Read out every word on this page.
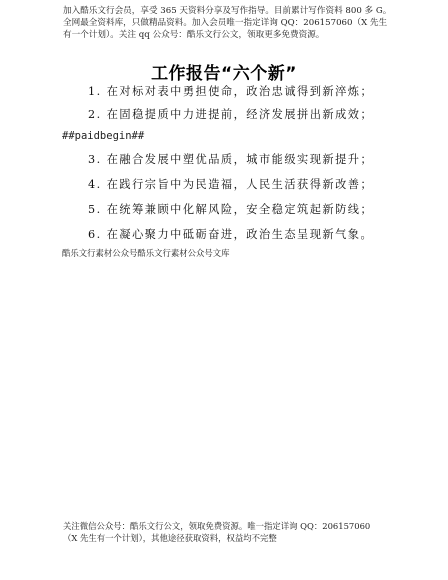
加入酷乐文行会员，享受 365 天资料分享及写作指导。目前累计写作资料 800 多 G。

全网最全资料库，只做精品资料。加入会员唯一指定详询 QQ：206157060（X 先生

有一个计划）。关注 qq 公众号：酷乐文行公文，领取更多免费资源。

工作报告“六个新”
1. 在对标对表中勇担使命，政治忠诚得到新淬炼；
2. 在固稳提质中力进提前，经济发展拼出新成效；
3. 在融合发展中塑优品质，城市能级实现新提升；
4. 在践行宗旨中为民造福，人民生活获得新改善；
5. 在统筹兼顾中化解风险，安全稳定筑起新防线；
6. 在凝心聚力中砥砺奋进，政治生态呈现新气象。
##paidbegin##
酷乐文行素材公众号酷乐文行素材公众号文库

关注微信公众号：酷乐文行公文，领取免费资源。唯一指定详询 QQ：206157060

（X 先生有一个计划），其他途径获取资料，权益均不完整
